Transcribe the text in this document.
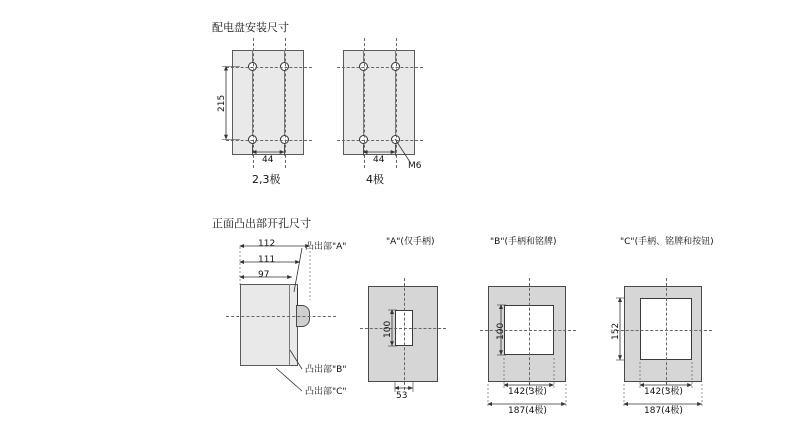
配电盘安装尺寸
215
44
2,3极
44
M6
4极
正面凸出部开孔尺寸
112
111
97
凸出部"A"
凸出部"B"
凸出部"C"
100
53
"A"(仅手柄)
100
142(3极)
187(4极)
"B"(手柄和铭牌)
152
142(3极)
187(4极)
"C"(手柄、铭牌和按钮)
